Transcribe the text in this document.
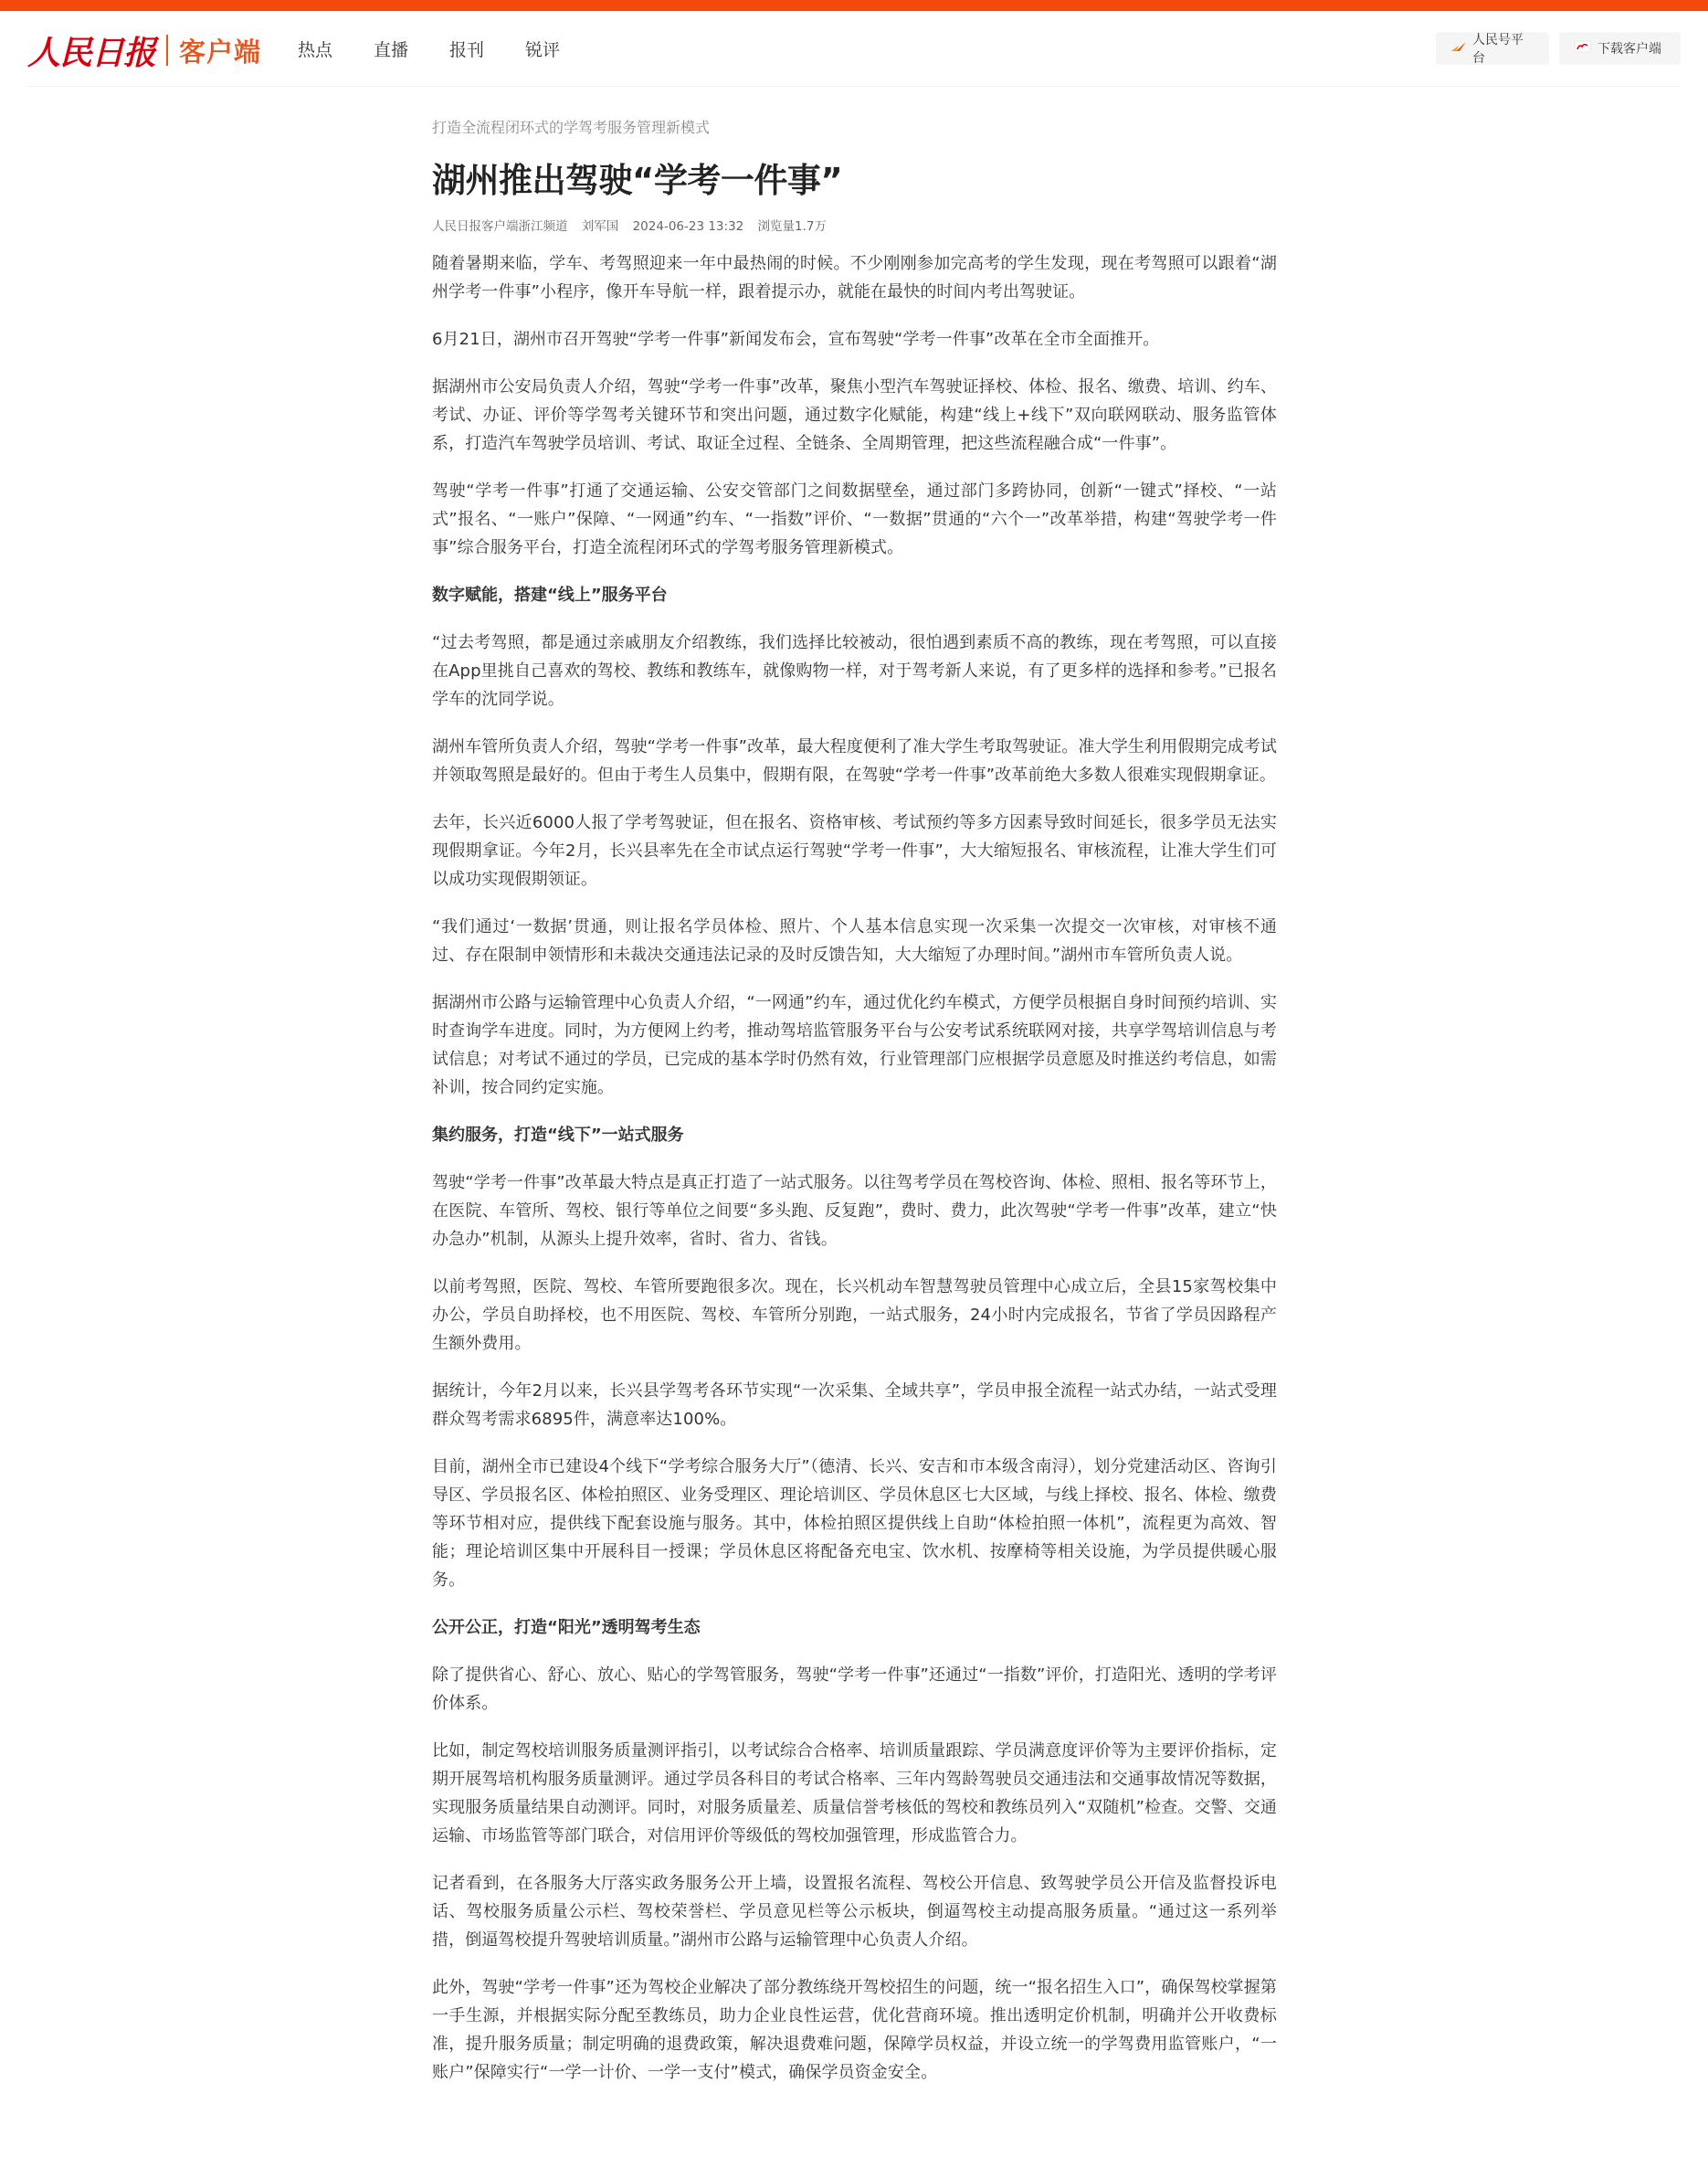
人民日报 客户端 热点 直播 报刊 锐评	人民号平台
下载客户端
打造全流程闭环式的学驾考服务管理新模式
湖州推出驾驶“学考一件事”
人民日报客户端浙江频道 刘军国 2024-06-23 13:32 浏览量1.7万

随着暑期来临，学车、考驾照迎来一年中最热闹的时候。不少刚刚参加完高考的学生发现，现在考驾照可以跟着“湖州学考一件事”小程序，像开车导航一样，跟着提示办，就能在最快的时间内考出驾驶证。

6月21日，湖州市召开驾驶“学考一件事”新闻发布会，宣布驾驶“学考一件事”改革在全市全面推开。

据湖州市公安局负责人介绍，驾驶“学考一件事”改革，聚焦小型汽车驾驶证择校、体检、报名、缴费、培训、约车、 考试、办证、评价等学驾考关键环节和突出问题，通过数字化赋能，构建“线上+线下”双向联网联动、服务监管体系，打造汽车驾驶学员培训、考试、取证全过程、全链条、全周期管理，把这些流程融合成“一件事”。

驾驶“学考一件事”打通了交通运输、公安交管部门之间数据壁垒，通过部门多跨协同，创新“一键式”择校、“一站式”报名、“一账户”保障、“一网通”约车、“一指数”评价、“一数据”贯通的“六个一”改革举措，构建“驾驶学考一件事”综合服务平台，打造全流程闭环式的学驾考服务管理新模式。

数字赋能，搭建“线上”服务平台

“过去考驾照，都是通过亲戚朋友介绍教练，我们选择比较被动，很怕遇到素质不高的教练，现在考驾照，可以直接在App里挑自己喜欢的驾校、教练和教练车，就像购物一样，对于驾考新人来说，有了更多样的选择和参考。”已报名学车的沈同学说。

湖州车管所负责人介绍，驾驶“学考一件事”改革，最大程度便利了准大学生考取驾驶证。准大学生利用假期完成考试并领取驾照是最好的。但由于考生人员集中，假期有限，在驾驶“学考一件事”改革前绝大多数人很难实现假期拿证。

去年，长兴近6000人报了学考驾驶证，但在报名、资格审核、考试预约等多方因素导致时间延长，很多学员无法实现假期拿证。今年2月，长兴县率先在全市试点运行驾驶“学考一件事”，大大缩短报名、审核流程，让准大学生们可以成功实现假期领证。

“我们通过‘一数据’贯通，则让报名学员体检、照片、个人基本信息实现一次采集一次提交一次审核，对审核不通过、存在限制申领情形和未裁决交通违法记录的及时反馈告知，大大缩短了办理时间。”湖州市车管所负责人说。

据湖州市公路与运输管理中心负责人介绍，“一网通”约车，通过优化约车模式，方便学员根据自身时间预约培训、实时查询学车进度。同时，为方便网上约考，推动驾培监管服务平台与公安考试系统联网对接，共享学驾培训信息与考试信息；对考试不通过的学员，已完成的基本学时仍然有效，行业管理部门应根据学员意愿及时推送约考信息，如需补训，按合同约定实施。

集约服务，打造“线下”一站式服务

驾驶“学考一件事”改革最大特点是真正打造了一站式服务。以往驾考学员在驾校咨询、体检、照相、报名等环节上，在医院、车管所、驾校、银行等单位之间要“多头跑、反复跑”，费时、费力，此次驾驶“学考一件事”改革，建立“快办急办”机制，从源头上提升效率，省时、省力、省钱。

以前考驾照，医院、驾校、车管所要跑很多次。现在，长兴机动车智慧驾驶员管理中心成立后，全县15家驾校集中办公，学员自助择校，也不用医院、驾校、车管所分别跑，一站式服务，24小时内完成报名，节省了学员因路程产生额外费用。

据统计，今年2月以来，长兴县学驾考各环节实现“一次采集、全域共享”，学员申报全流程一站式办结，一站式受理群众驾考需求6895件，满意率达100%。

目前，湖州全市已建设4个线下“学考综合服务大厅”（德清、长兴、安吉和市本级含南浔），划分党建活动区、咨询引导区、学员报名区、体检拍照区、业务受理区、理论培训区、学员休息区七大区域，与线上择校、报名、体检、缴费等环节相对应，提供线下配套设施与服务。其中，体检拍照区提供线上自助“体检拍照一体机”，流程更为高效、智能；理论培训区集中开展科目一授课；学员休息区将配备充电宝、饮水机、按摩椅等相关设施，为学员提供暖心服务。

公开公正，打造“阳光”透明驾考生态

除了提供省心、舒心、放心、贴心的学驾管服务，驾驶“学考一件事”还通过“一指数”评价，打造阳光、透明的学考评价体系。

比如，制定驾校培训服务质量测评指引，以考试综合合格率、培训质量跟踪、学员满意度评价等为主要评价指标，定期开展驾培机构服务质量测评。通过学员各科目的考试合格率、三年内驾龄驾驶员交通违法和交通事故情况等数据，实现服务质量结果自动测评。同时，对服务质量差、质量信誉考核低的驾校和教练员列入“双随机”检查。交警、交通运输、市场监管等部门联合，对信用评价等级低的驾校加强管理，形成监管合力。

记者看到，在各服务大厅落实政务服务公开上墙，设置报名流程、驾校公开信息、致驾驶学员公开信及监督投诉电话、驾校服务质量公示栏、驾校荣誉栏、学员意见栏等公示板块，倒逼驾校主动提高服务质量。“通过这一系列举措，倒逼驾校提升驾驶培训质量。”湖州市公路与运输管理中心负责人介绍。

此外，驾驶“学考一件事”还为驾校企业解决了部分教练绕开驾校招生的问题，统一“报名招生入口”，确保驾校掌握第一手生源，并根据实际分配至教练员，助力企业良性运营，优化营商环境。推出透明定价机制，明确并公开收费标准，提升服务质量；制定明确的退费政策，解决退费难问题，保障学员权益，并设立统一的学驾费用监管账户，“一账户”保障实行“一学一计价、一学一支付”模式，确保学员资金安全。
